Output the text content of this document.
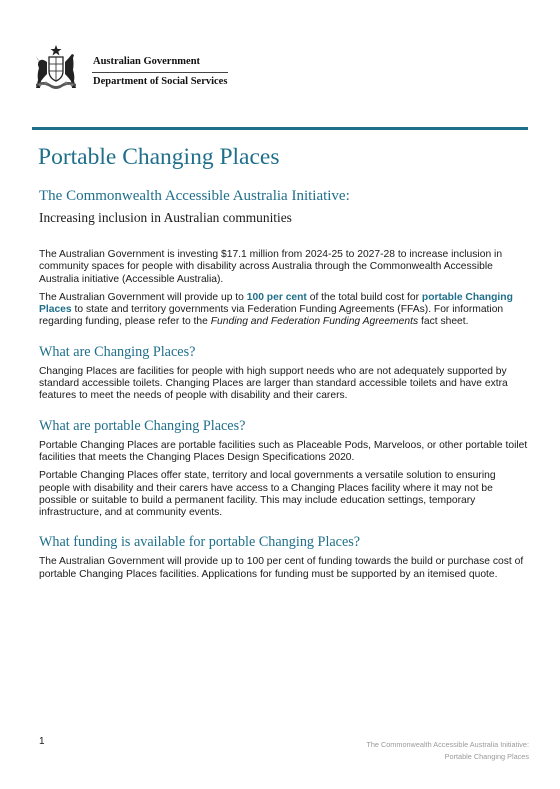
Australian Government
Department of Social Services
Portable Changing Places
The Commonwealth Accessible Australia Initiative:
Increasing inclusion in Australian communities

The Australian Government is investing $17.1 million from 2024-25 to 2027-28 to increase inclusion in community spaces for people with disability across Australia through the Commonwealth Accessible Australia initiative (Accessible Australia).

The Australian Government will provide up to 100 per cent of the total build cost for portable Changing Places to state and territory governments via Federation Funding Agreements (FFAs). For information regarding funding, please refer to the Funding and Federation Funding Agreements fact sheet.

What are Changing Places?

Changing Places are facilities for people with high support needs who are not adequately supported by standard accessible toilets. Changing Places are larger than standard accessible toilets and have extra features to meet the needs of people with disability and their carers.

What are portable Changing Places?

Portable Changing Places are portable facilities such as Placeable Pods, Marveloos, or other portable toilet facilities that meets the Changing Places Design Specifications 2020.

Portable Changing Places offer state, territory and local governments a versatile solution to ensuring people with disability and their carers have access to a Changing Places facility where it may not be possible or suitable to build a permanent facility. This may include education settings, temporary infrastructure, and at community events.

What funding is available for portable Changing Places?

The Australian Government will provide up to 100 per cent of funding towards the build or purchase cost of portable Changing Places facilities. Applications for funding must be supported by an itemised quote.

1	The Commonwealth Accessible Australia Initiative:
Portable Changing Places
